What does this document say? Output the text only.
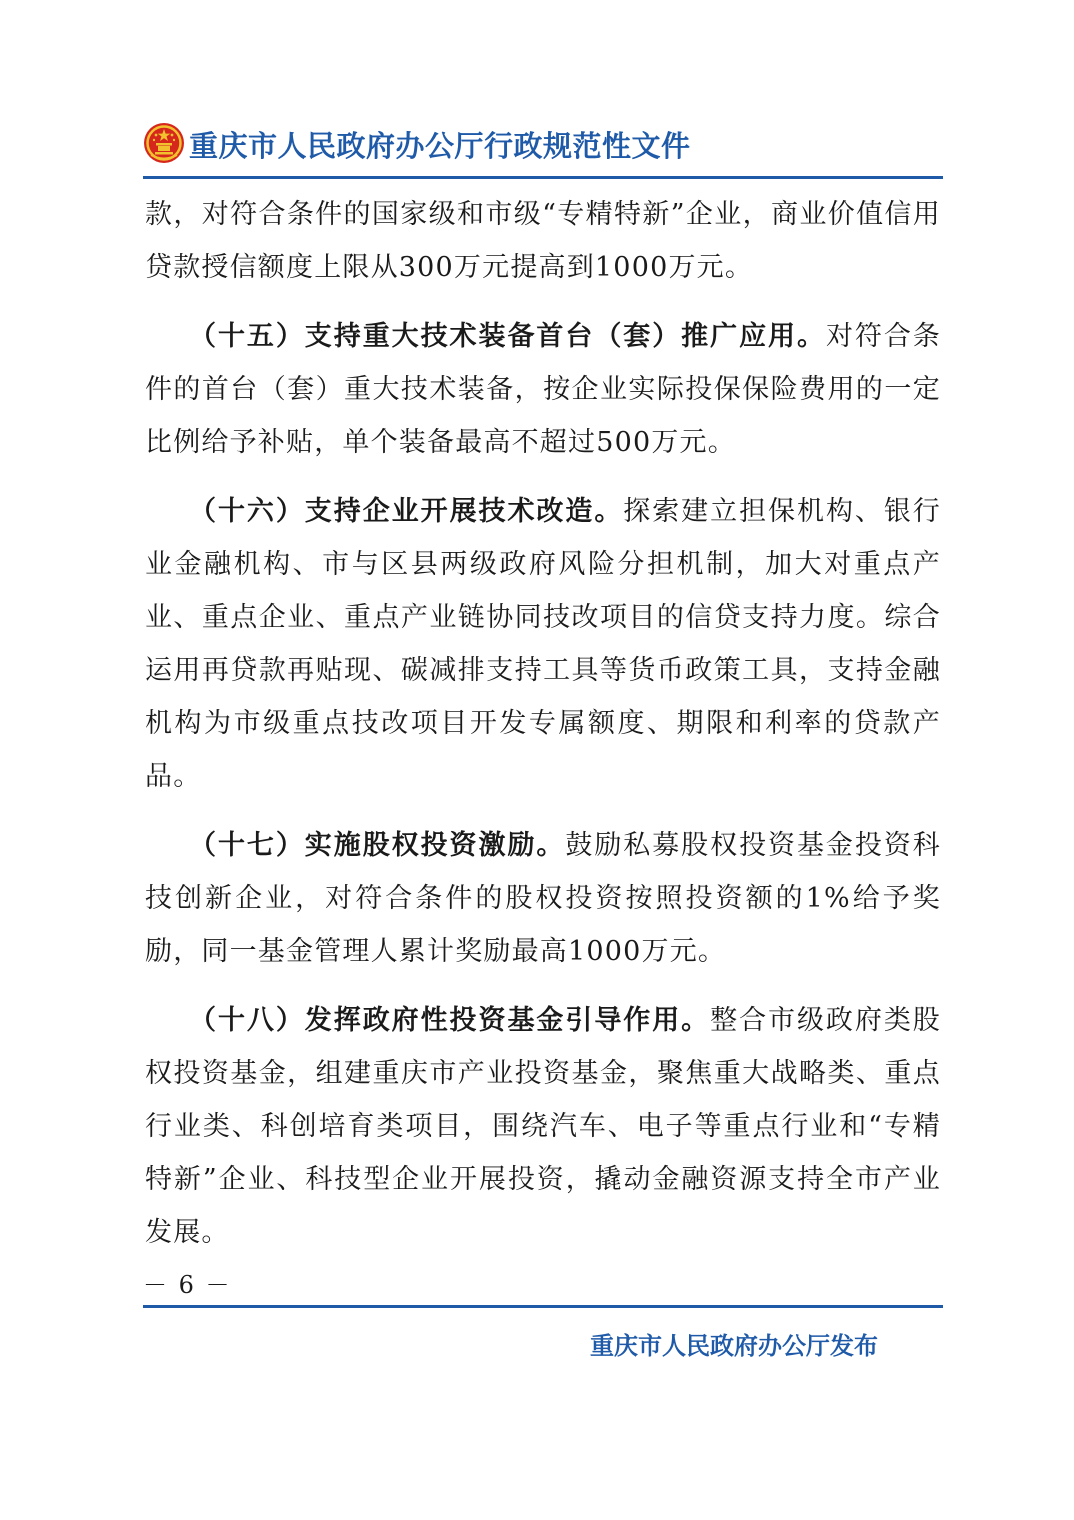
重庆市人民政府办公厅行政规范性文件

款，对符合条件的国家级和市级“专精特新”企业，商业价值信用贷款授信额度上限从300万元提高到1000万元。

（十五）支持重大技术装备首台（套）推广应用。对符合条件的首台（套）重大技术装备，按企业实际投保保险费用的一定比例给予补贴，单个装备最高不超过500万元。

（十六）支持企业开展技术改造。探索建立担保机构、银行业金融机构、市与区县两级政府风险分担机制，加大对重点产业、重点企业、重点产业链协同技改项目的信贷支持力度。综合运用再贷款再贴现、碳减排支持工具等货币政策工具，支持金融机构为市级重点技改项目开发专属额度、期限和利率的贷款产品。

（十七）实施股权投资激励。鼓励私募股权投资基金投资科技创新企业，对符合条件的股权投资按照投资额的1%给予奖励，同一基金管理人累计奖励最高1000万元。

（十八）发挥政府性投资基金引导作用。整合市级政府类股权投资基金，组建重庆市产业投资基金，聚焦重大战略类、重点行业类、科创培育类项目，围绕汽车、电子等重点行业和“专精特新”企业、科技型企业开展投资，撬动金融资源支持全市产业发展。

－ 6 －
重庆市人民政府办公厅发布
